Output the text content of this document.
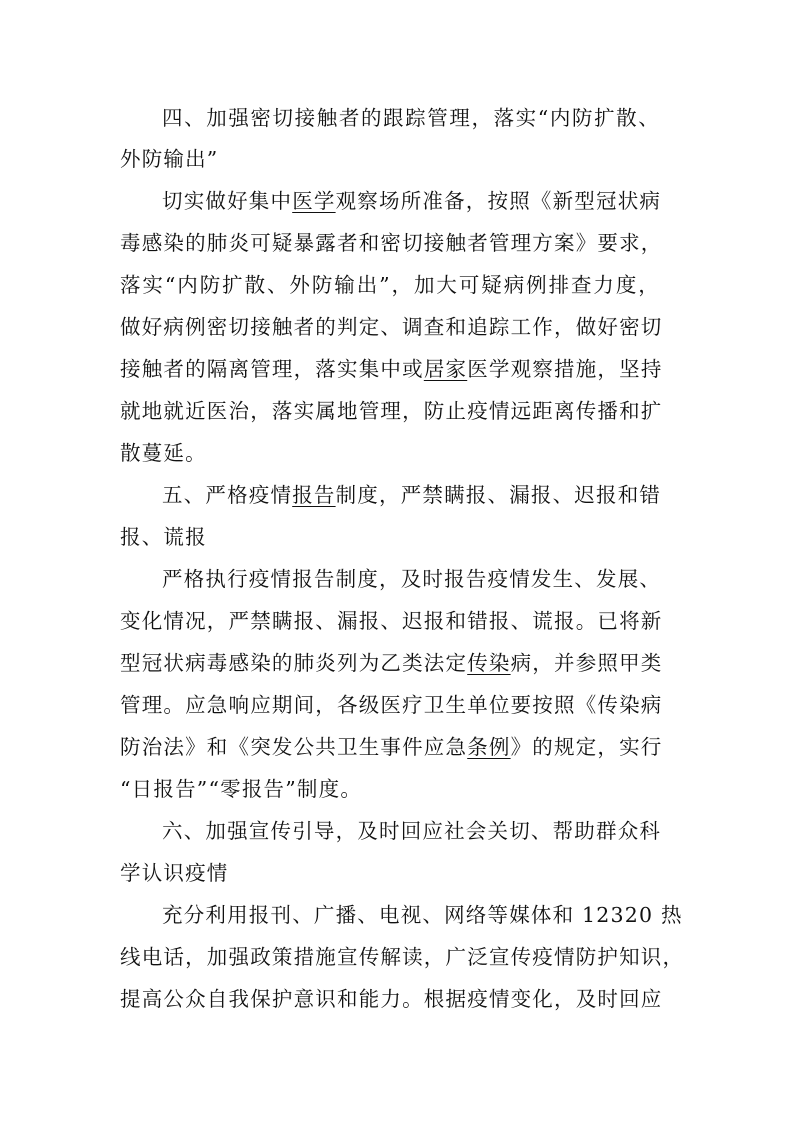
四、加强密切接触者的跟踪管理，落实“内防扩散、
外防输出”
切实做好集中医学观察场所准备，按照《新型冠状病
毒感染的肺炎可疑暴露者和密切接触者管理方案》要求，
落实“内防扩散、外防输出”，加大可疑病例排查力度，
做好病例密切接触者的判定、调查和追踪工作，做好密切
接触者的隔离管理，落实集中或居家医学观察措施，坚持
就地就近医治，落实属地管理，防止疫情远距离传播和扩
散蔓延。
五、严格疫情报告制度，严禁瞒报、漏报、迟报和错
报、谎报
严格执行疫情报告制度，及时报告疫情发生、发展、
变化情况，严禁瞒报、漏报、迟报和错报、谎报。已将新
型冠状病毒感染的肺炎列为乙类法定传染病，并参照甲类
管理。应急响应期间，各级医疗卫生单位要按照《传染病
防治法》和《突发公共卫生事件应急条例》的规定，实行
“日报告”“零报告”制度。
六、加强宣传引导，及时回应社会关切、帮助群众科
学认识疫情
充分利用报刊、广播、电视、网络等媒体和 12320 热
线电话，加强政策措施宣传解读，广泛宣传疫情防护知识，
提高公众自我保护意识和能力。根据疫情变化，及时回应
